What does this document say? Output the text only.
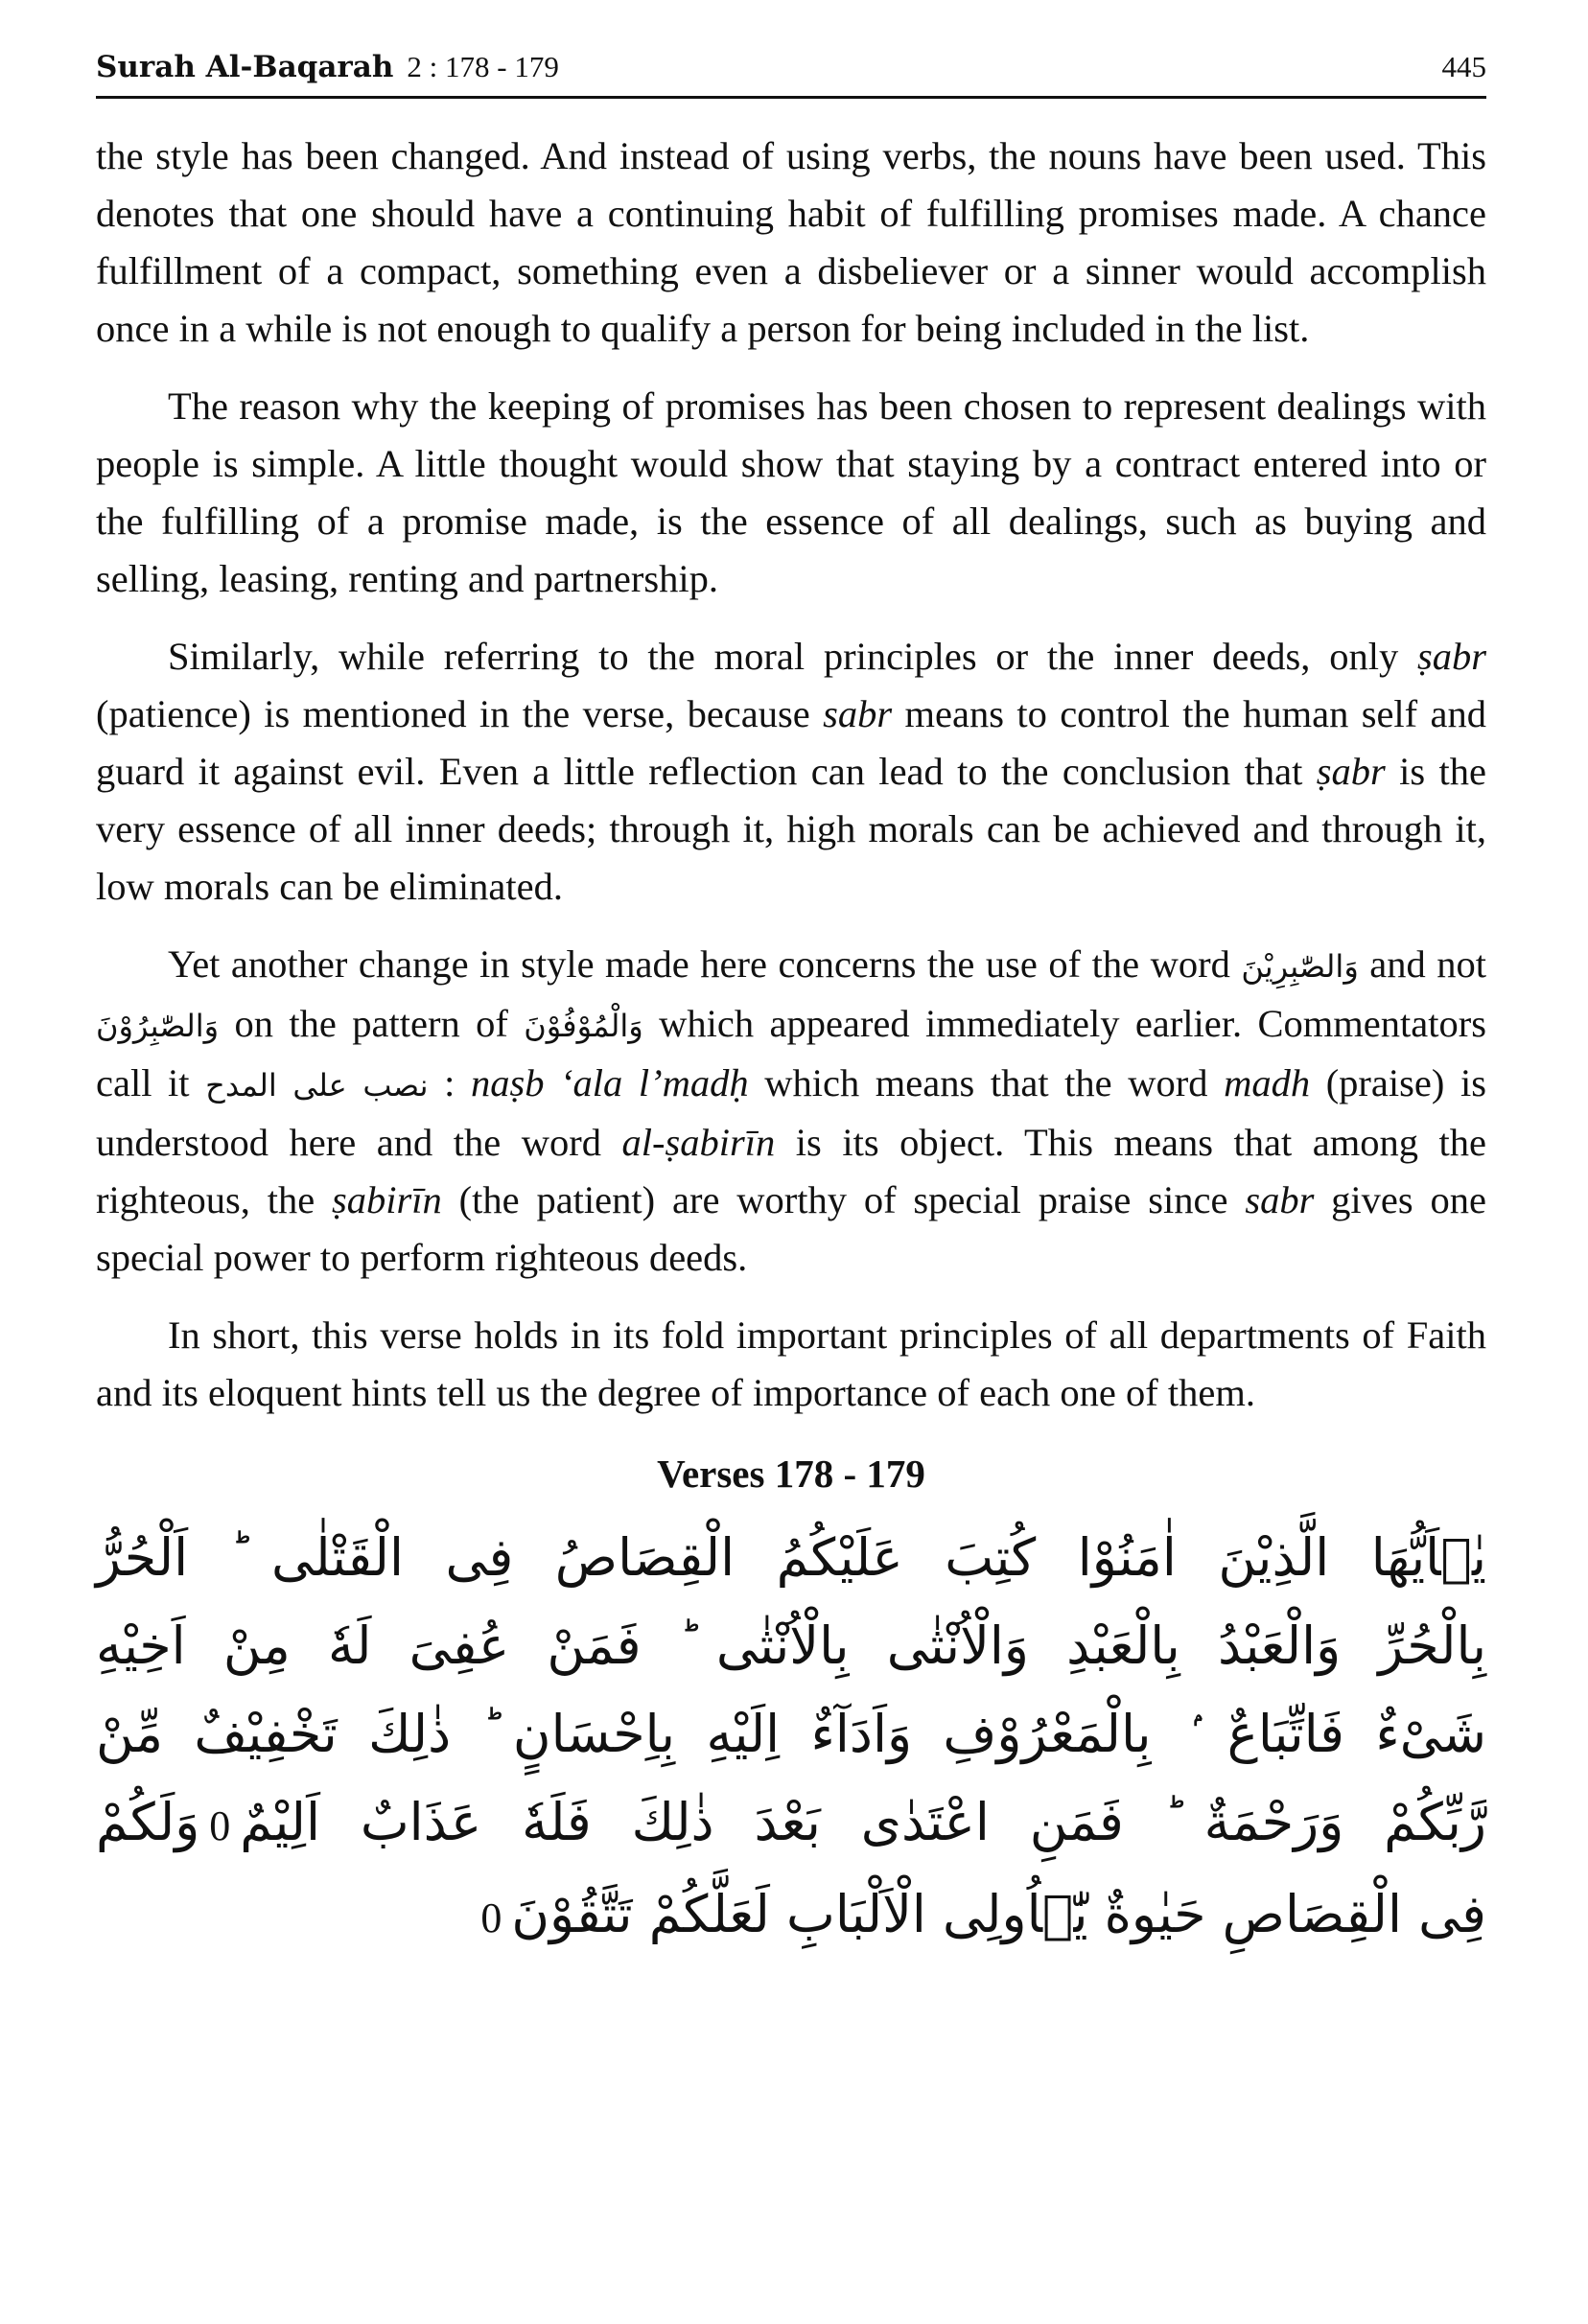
Surah Al-Baqarah 2 : 178 - 179	445

the style has been changed. And instead of using verbs, the nouns have been used. This denotes that one should have a continuing habit of fulfilling promises made. A chance fulfillment of a compact, something even a disbeliever or a sinner would accomplish once in a while is not enough to qualify a person for being included in the list.

The reason why the keeping of promises has been chosen to represent dealings with people is simple. A little thought would show that staying by a contract entered into or the fulfilling of a promise made, is the essence of all dealings, such as buying and selling, leasing, renting and partnership.

Similarly, while referring to the moral principles or the inner deeds, only ṣabr (patience) is mentioned in the verse, because sabr means to control the human self and guard it against evil. Even a little reflection can lead to the conclusion that ṣabr is the very essence of all inner deeds; through it, high morals can be achieved and through it, low morals can be eliminated.

Yet another change in style made here concerns the use of the word وَالصّٰبِرِيْنَ and not وَالصّٰبِرُوْنَ on the pattern of وَالْمُوْفُوْنَ which appeared immediately earlier. Commentators call it نصب على المدح : naṣb ‘ala l’madḥ which means that the word madh (praise) is understood here and the word al-ṣabirīn is its object. This means that among the righteous, the ṣabirīn (the patient) are worthy of special praise since sabr gives one special power to perform righteous deeds.

In short, this verse holds in its fold important principles of all departments of Faith and its eloquent hints tell us the degree of importance of each one of them.

Verses 178 - 179
يٰۤاَيُّهَا الَّذِيْنَ اٰمَنُوْا كُتِبَ عَلَيْكُمُ الْقِصَاصُ فِى الْقَتْلٰى ؕ اَلْحُرُّ
بِالْحُرِّ وَالْعَبْدُ بِالْعَبْدِ وَالْاُنْثٰى بِالْاُنْثٰى ؕ فَمَنْ عُفِىَ لَهٗ مِنْ اَخِيْهِ
شَىْءٌ فَاتِّبَاعٌ ۢ بِالْمَعْرُوْفِ وَاَدَآءٌ اِلَيْهِ بِاِحْسَانٍ ؕ ذٰلِكَ تَخْفِيْفٌ مِّنْ
رَّبِّكُمْ وَرَحْمَةٌ ؕ فَمَنِ اعْتَدٰى بَعْدَ ذٰلِكَ فَلَهٗ عَذَابٌ اَلِيْمٌ0وَلَكُمْ
فِى الْقِصَاصِ حَيٰوةٌ يّٰۤاُولِى الْاَلْبَابِ لَعَلَّكُمْ تَتَّقُوْنَ0
